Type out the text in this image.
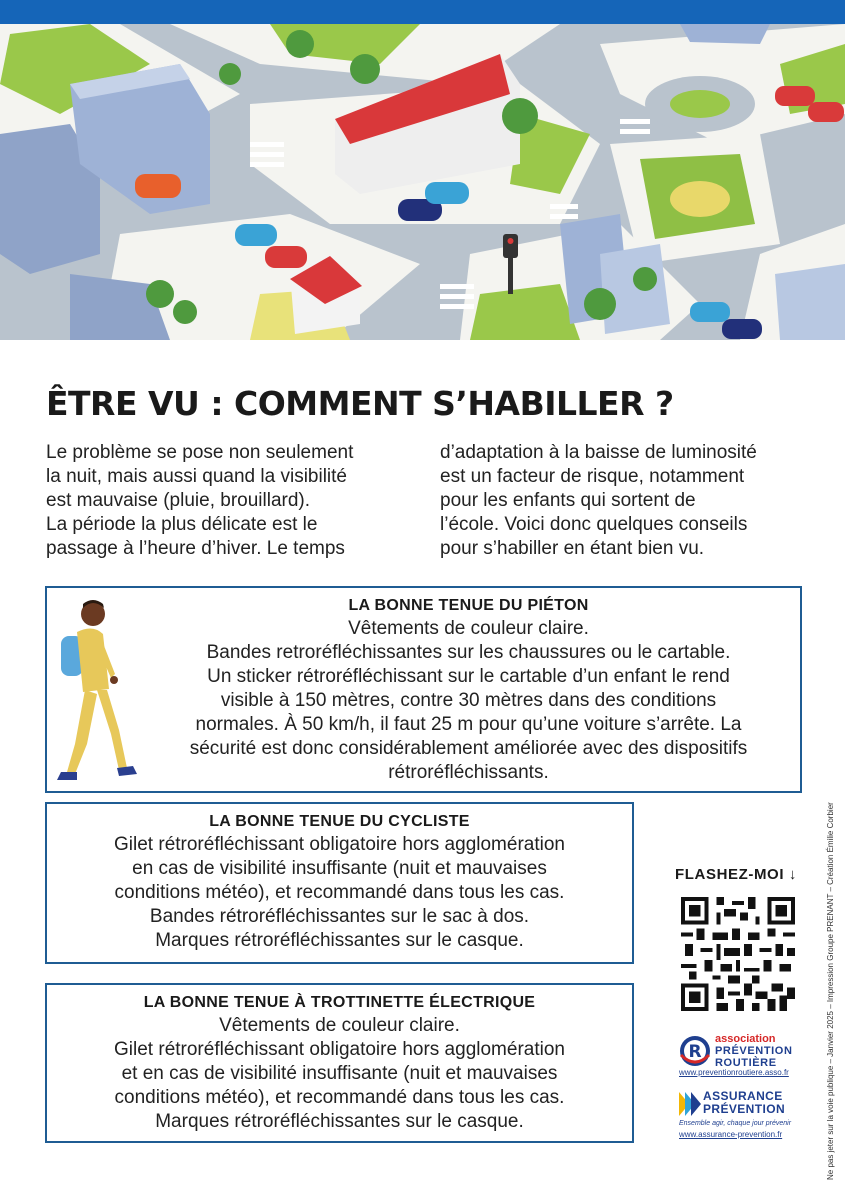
ÊTRE VU : COMMENT S’HABILLER ?

Le problème se pose non seulement

la nuit, mais aussi quand la visibilité

est mauvaise (pluie, brouillard).

La période la plus délicate est le

passage à l’heure d’hiver. Le temps

d’adaptation à la baisse de luminosité

est un facteur de risque, notamment

pour les enfants qui sortent de

l’école. Voici donc quelques conseils

pour s’habiller en étant bien vu.

LA BONNE TENUE DU PIÉTON
Vêtements de couleur claire.
Bandes retroréfléchissantes sur les chaussures ou le cartable.
Un sticker rétroréfléchissant sur le cartable d’un enfant le rend
visible à 150 mètres, contre 30 mètres dans des conditions
normales. À 50 km/h, il faut 25 m pour qu’une voiture s’arrête. La
sécurité est donc considérablement améliorée avec des dispositifs
rétroréfléchissants.
LA BONNE TENUE DU CYCLISTE
Gilet rétroréfléchissant obligatoire hors agglomération
en cas de visibilité insuffisante (nuit et mauvaises
conditions météo), et recommandé dans tous les cas.
Bandes rétroréfléchissantes sur le sac à dos.
Marques rétroréfléchissantes sur le casque.
LA BONNE TENUE À TROTTINETTE ÉLECTRIQUE
Vêtements de couleur claire.
Gilet rétroréfléchissant obligatoire hors agglomération
et en cas de visibilité insuffisante (nuit et mauvaises
conditions météo), et recommandé dans tous les cas.
Marques rétroréfléchissantes sur le casque.
FLASHEZ-MOI ↓
R
association
PRÉVENTION
ROUTIÈRE
www.preventionroutiere.asso.fr
ASSURANCE
PRÉVENTION
Ensemble agir, chaque jour prévenir
www.assurance-prevention.fr	Ne pas jeter sur la voie publique – Janvier 2025 – Impression Groupe PRENANT – Création Émilie Corbier
